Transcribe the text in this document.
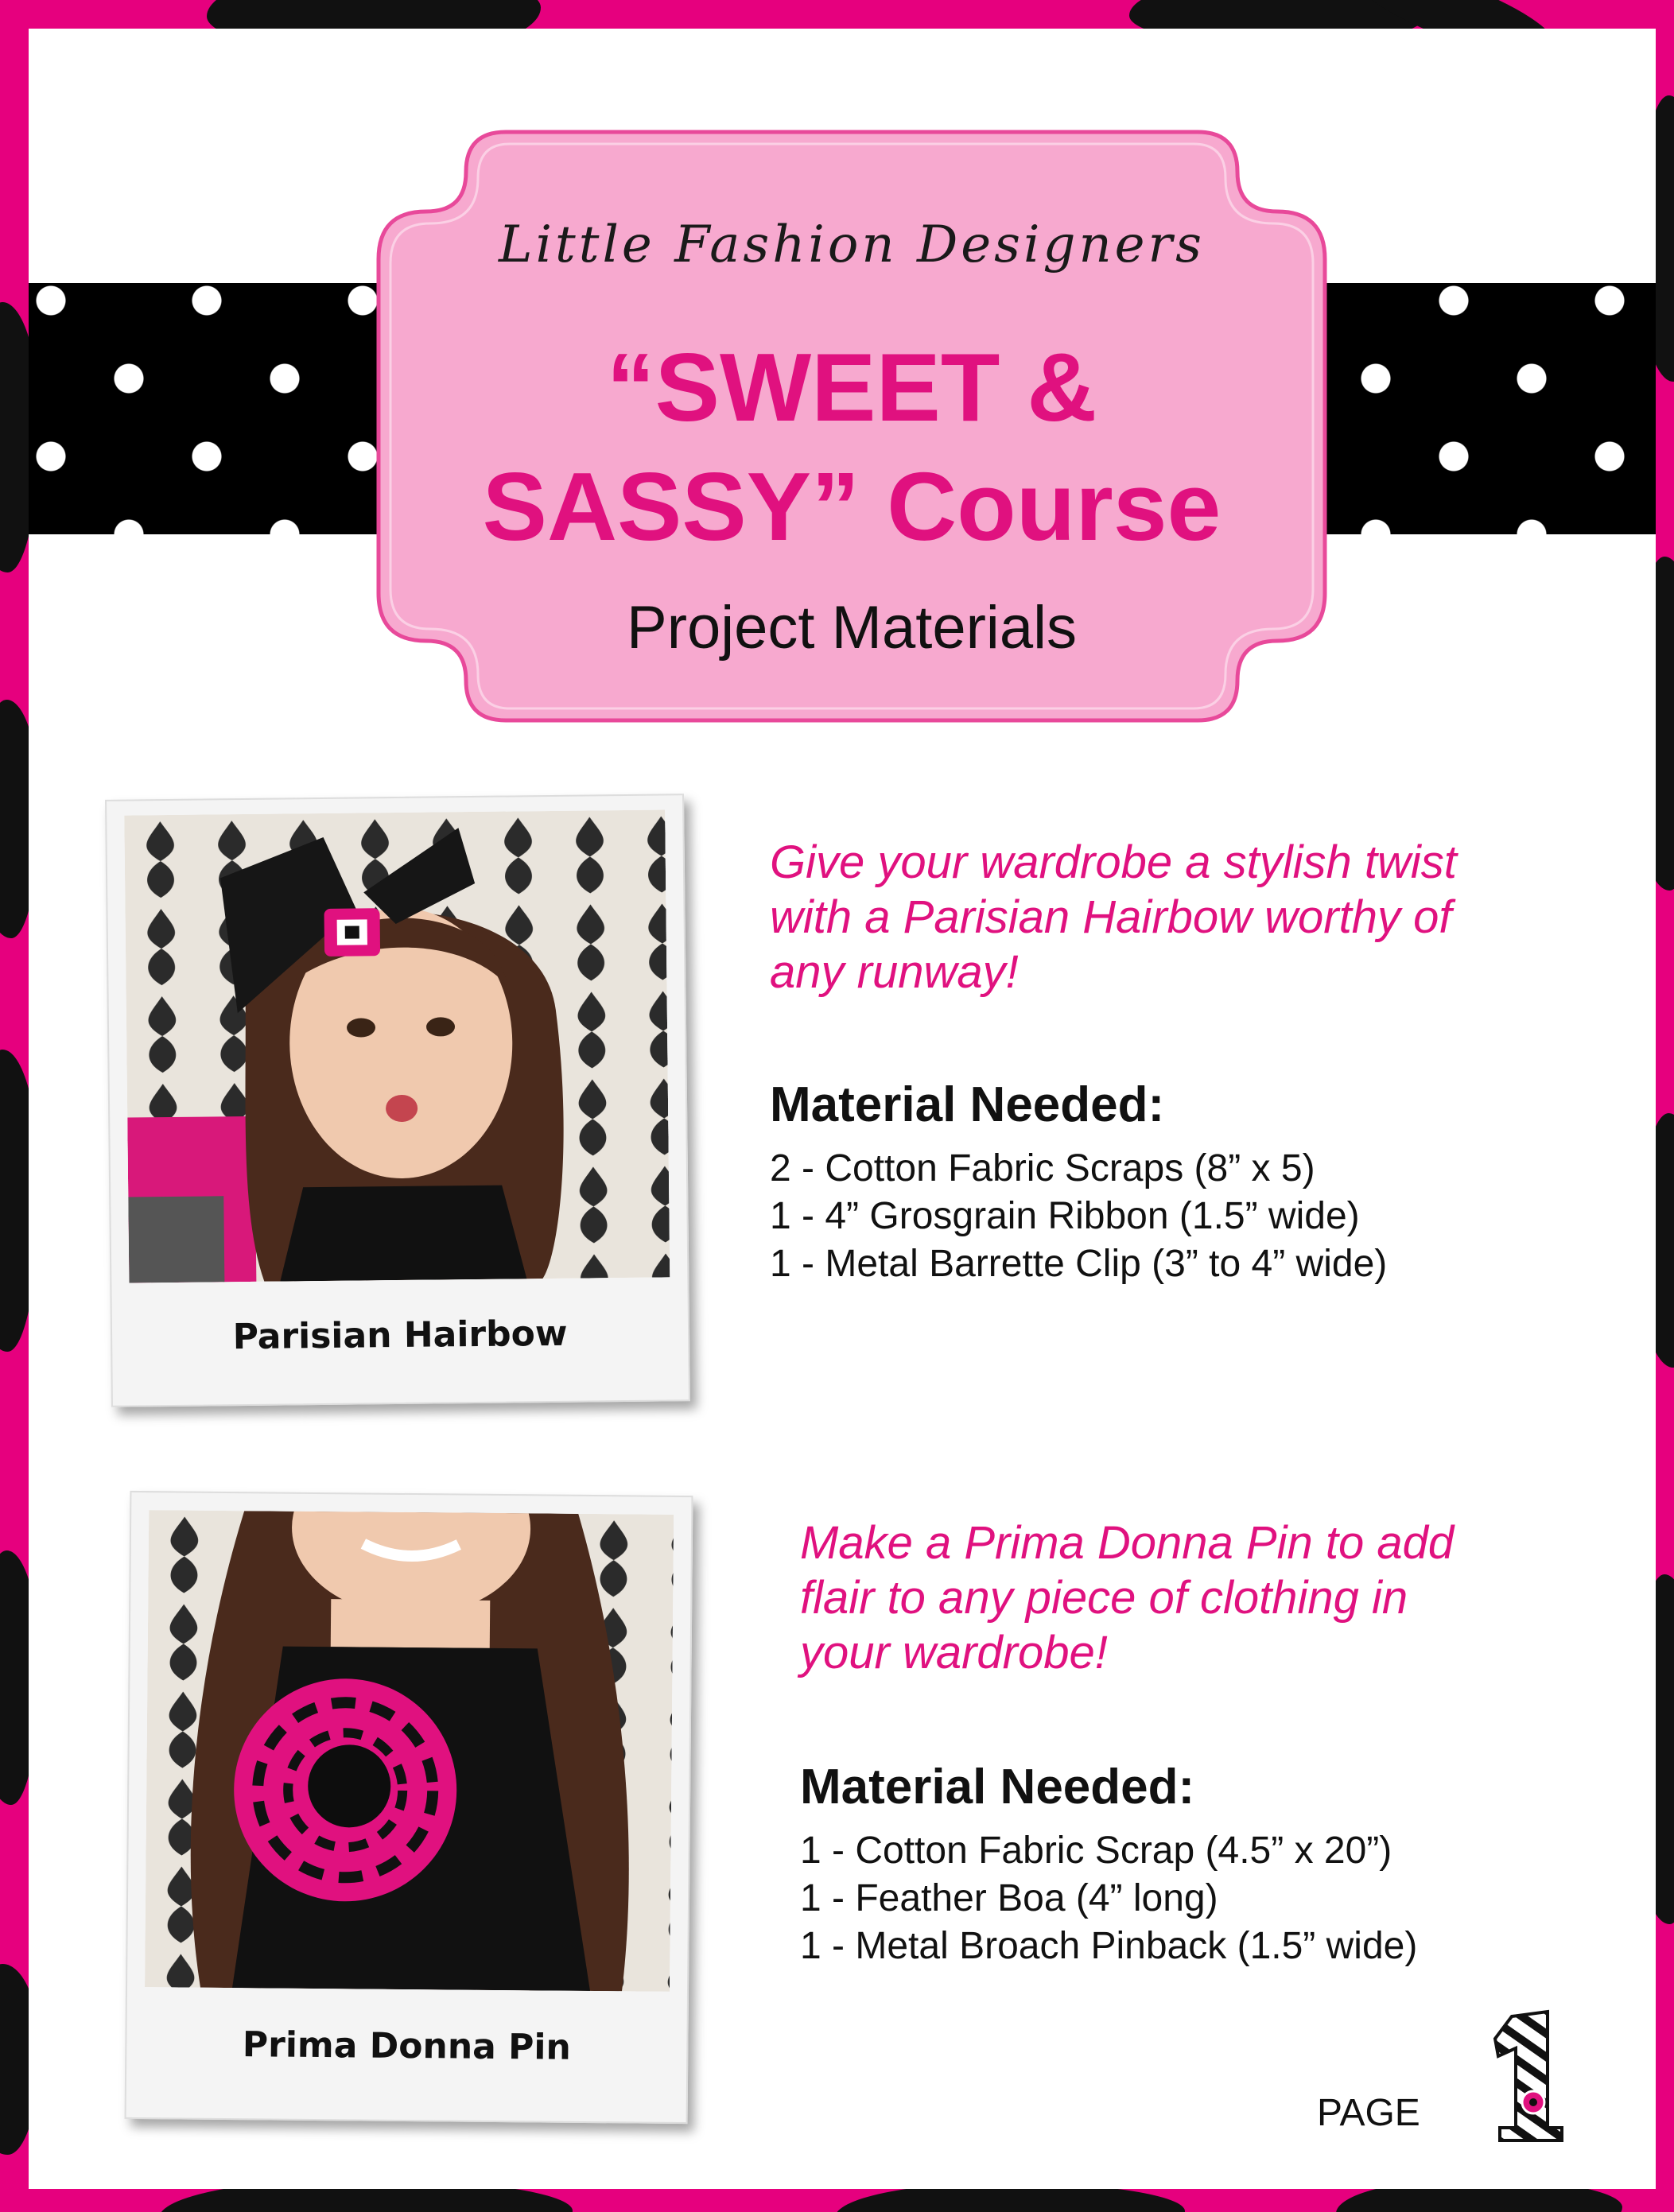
Little Fashion Designers
“SWEET &
SASSY” Course
Project Materials
Parisian Hairbow
Give your wardrobe a stylish twist
with a Parisian Hairbow worthy of
any runway!
Material Needed:
2 - Cotton Fabric Scraps (8” x 5)
1 - 4” Grosgrain Ribbon (1.5” wide)
1 - Metal Barrette Clip (3” to 4” wide)
Prima Donna Pin
Make a Prima Donna Pin to add
flair to any piece of clothing in
your wardrobe!
Material Needed:
1 - Cotton Fabric Scrap (4.5” x 20”)
1 - Feather Boa (4” long)
1 - Metal Broach Pinback (1.5” wide)
PAGE
